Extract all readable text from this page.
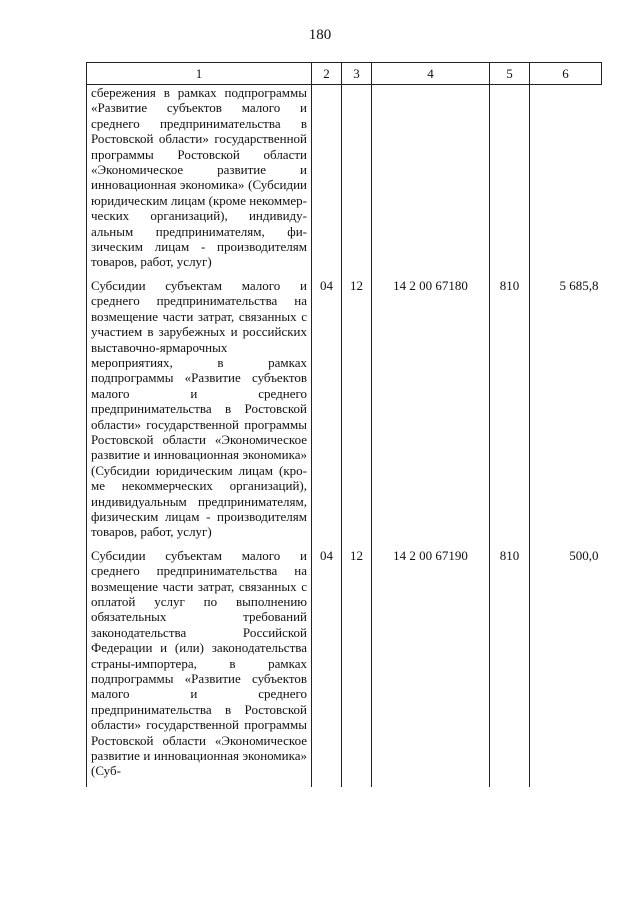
180
1	2	3	4	5	6
сбережения в рамках подпрограммы «Развитие субъектов малого и среднего предпринимательства в Ростовской области» государственной программы Ростовской области «Экономическое развитие и инновационная экономика» (Субсидии юридическим лицам (кроме некоммерческих организаций), индивидуальным предпринимателям, физическим лицам - производителям товаров, работ, услуг)					
Субсидии субъектам малого и среднего предпринимательства на возмещение части затрат, связанных с участием в зарубежных и российских выставочно-ярмарочных мероприятиях, в рамках подпрограммы «Развитие субъектов малого и среднего предпринимательства в Ростовской области» государственной программы Ростовской области «Экономическое развитие и инновационная экономика» (Субсидии юридическим лицам (кроме некоммерческих организаций), индивидуальным предпринимателям, физическим лицам - производителям товаров, работ, услуг)	04	12	14 2 00 67180	810	5 685,8
Субсидии субъектам малого и среднего предпринимательства на возмещение части затрат, связанных с оплатой услуг по выполнению обязательных требований законодательства Российской Федерации и (или) законодательства страны-импортера, в рамках подпрограммы «Развитие субъектов малого и среднего предпринимательства в Ростовской области» государственной программы Ростовской области «Экономическое развитие и инновационная экономика» (Суб-	04	12	14 2 00 67190	810	500,0
